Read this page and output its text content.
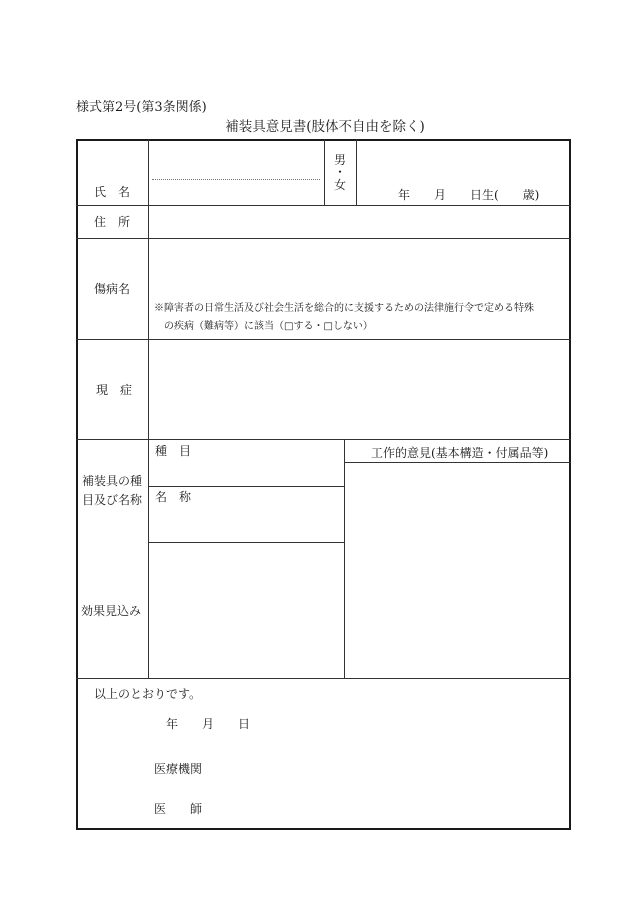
様式第2号(第3条関係)
補装具意見書(肢体不自由を除く)
氏　名
男
・
女
年　　月　　日生(　　歳)
住　所
傷病名
※障害者の日常生活及び社会生活を総合的に支援するための法律施行令で定める特殊
の疾病（難病等）に該当（□する・□しない）
現　症
補装具の種
目及び名称
種　目
名　称
工作的意見(基本構造・付属品等)
効果見込み
以上のとおりです。
年　　月　　日
医療機関
医　　師
